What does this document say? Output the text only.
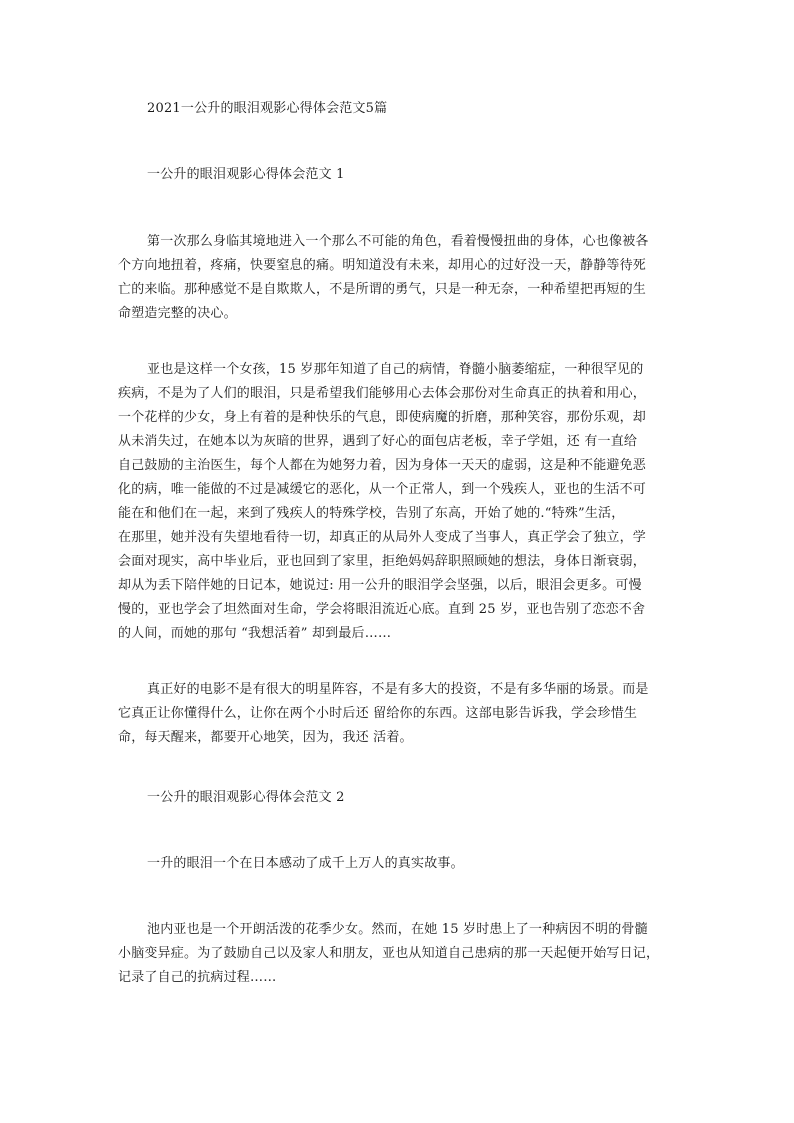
2021一公升的眼泪观影心得体会范文5篇
一公升的眼泪观影心得体会范文 1
第一次那么身临其境地进入一个那么不可能的角色，看着慢慢扭曲的身体，心也像被各
个方向地扭着，疼痛，快要窒息的痛。明知道没有未来，却用心的过好没一天，静静等待死
亡的来临。那种感觉不是自欺欺人，不是所谓的勇气，只是一种无奈，一种希望把再短的生
命塑造完整的决心。
亚也是这样一个女孩，15 岁那年知道了自己的病情，脊髓小脑萎缩症，一种很罕见的
疾病，不是为了人们的眼泪，只是希望我们能够用心去体会那份对生命真正的执着和用心，
一个花样的少女，身上有着的是种快乐的气息，即使病魔的折磨，那种笑容，那份乐观，却
从未消失过，在她本以为灰暗的世界，遇到了好心的面包店老板，幸子学姐，还 有一直给
自己鼓励的主治医生，每个人都在为她努力着，因为身体一天天的虚弱，这是种不能避免恶
化的病，唯一能做的不过是减缓它的恶化，从一个正常人，到一个残疾人，亚也的生活不可
能在和他们在一起，来到了残疾人的特殊学校，告别了东高，开始了她的.“特殊”生活，
在那里，她并没有失望地看待一切，却真正的从局外人变成了当事人，真正学会了独立，学
会面对现实，高中毕业后，亚也回到了家里，拒绝妈妈辞职照顾她的想法，身体日渐衰弱，
却从为丢下陪伴她的日记本，她说过: 用一公升的眼泪学会坚强，以后，眼泪会更多。可慢
慢的，亚也学会了坦然面对生命，学会将眼泪流近心底。直到 25 岁，亚也告别了恋恋不舍
的人间，而她的那句 “我想活着” 却到最后……
真正好的电影不是有很大的明星阵容，不是有多大的投资，不是有多华丽的场景。而是
它真正让你懂得什么，让你在两个小时后还 留给你的东西。这部电影告诉我，学会珍惜生
命，每天醒来，都要开心地笑，因为，我还 活着。
一公升的眼泪观影心得体会范文 2
一升的眼泪一个在日本感动了成千上万人的真实故事。
池内亚也是一个开朗活泼的花季少女。然而，在她 15 岁时患上了一种病因不明的骨髓
小脑变异症。为了鼓励自己以及家人和朋友，亚也从知道自己患病的那一天起便开始写日记，
记录了自己的抗病过程……
